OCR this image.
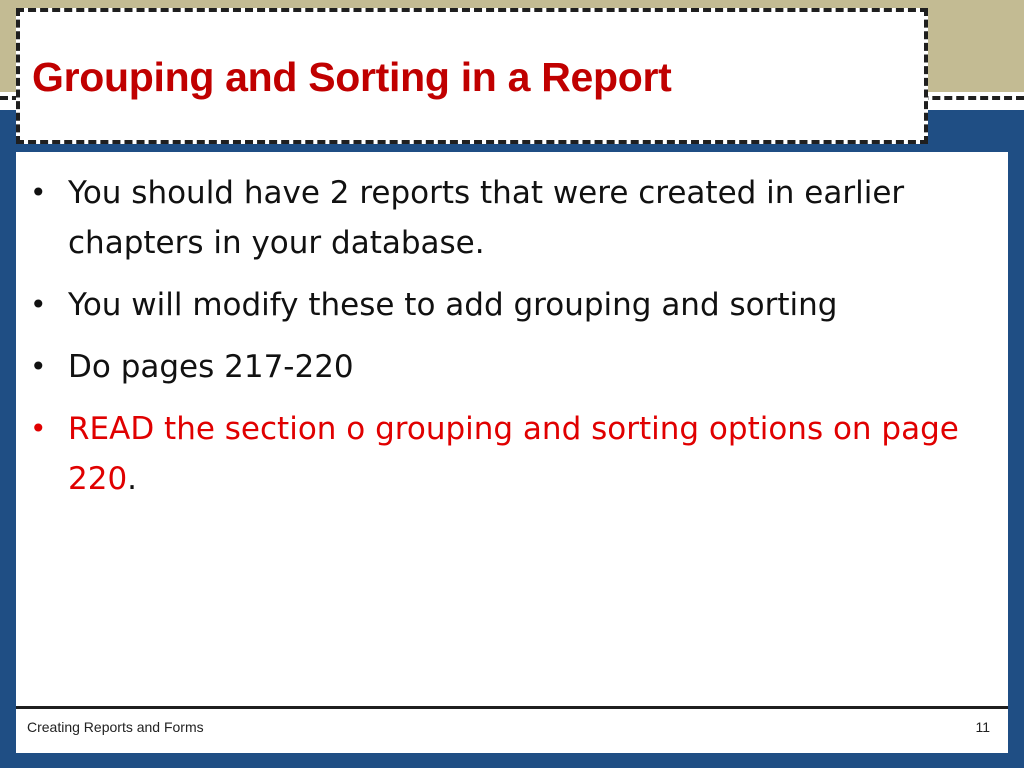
Grouping and Sorting in a Report
• You should have 2 reports that were created in earlier chapters in your database.
• You will modify these to add grouping and sorting
• Do pages 217-220
• READ the section o grouping and sorting options on page 220.
Creating Reports and Forms	11
